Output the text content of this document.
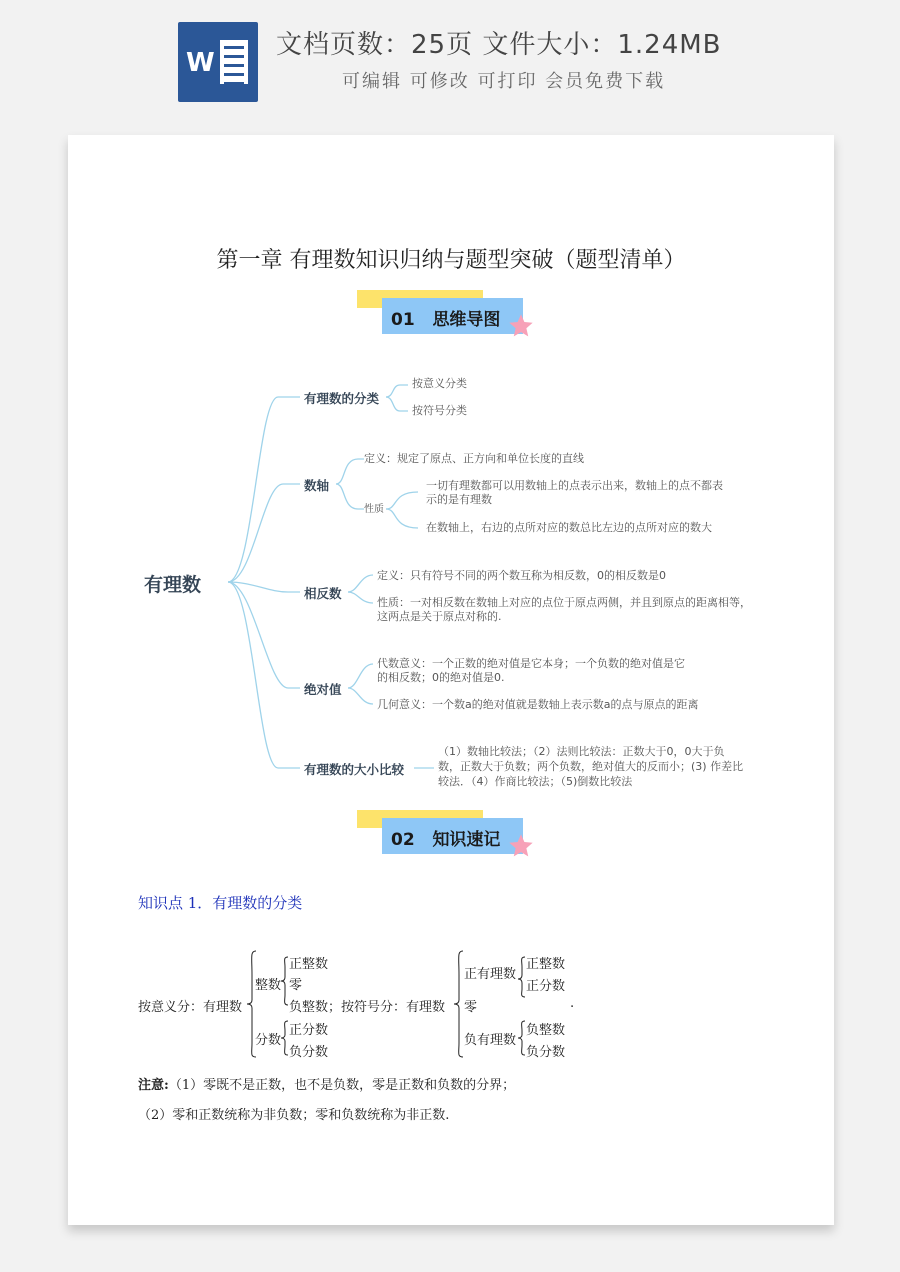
W
文档页数：25页 文件大小：1.24MB
可编辑 可修改 可打印 会员免费下载
第一章 有理数知识归纳与题型突破（题型清单）
01 思维导图
有理数
有理数的分类
按意义分类
按符号分类
数轴
定义：规定了原点、正方向和单位长度的直线
性质
一切有理数都可以用数轴上的点表示出来，数轴上的点不都表
示的是有理数
在数轴上，右边的点所对应的数总比左边的点所对应的数大
相反数
定义：只有符号不同的两个数互称为相反数，0的相反数是0
性质：一对相反数在数轴上对应的点位于原点两侧，并且到原点的距离相等，
这两点是关于原点对称的.
绝对值
代数意义：一个正数的绝对值是它本身；一个负数的绝对值是它
的相反数；0的绝对值是0.
几何意义：一个数a的绝对值就是数轴上表示数a的点与原点的距离
有理数的大小比较
（1）数轴比较法；（2）法则比较法：正数大于0，0大于负
数，正数大于负数；两个负数，绝对值大的反而小；(3) 作差比
较法．（4）作商比较法；（5)倒数比较法
02 知识速记
知识点 1．有理数的分类
按意义分：有理数
整数
分数
正整数
零
负整数；按符号分：有理数
正分数
负分数
正有理数
零
负有理数
正整数
正分数
负整数
负分数
.
注意:（1）零既不是正数，也不是负数，零是正数和负数的分界；
（2）零和正数统称为非负数；零和负数统称为非正数.
